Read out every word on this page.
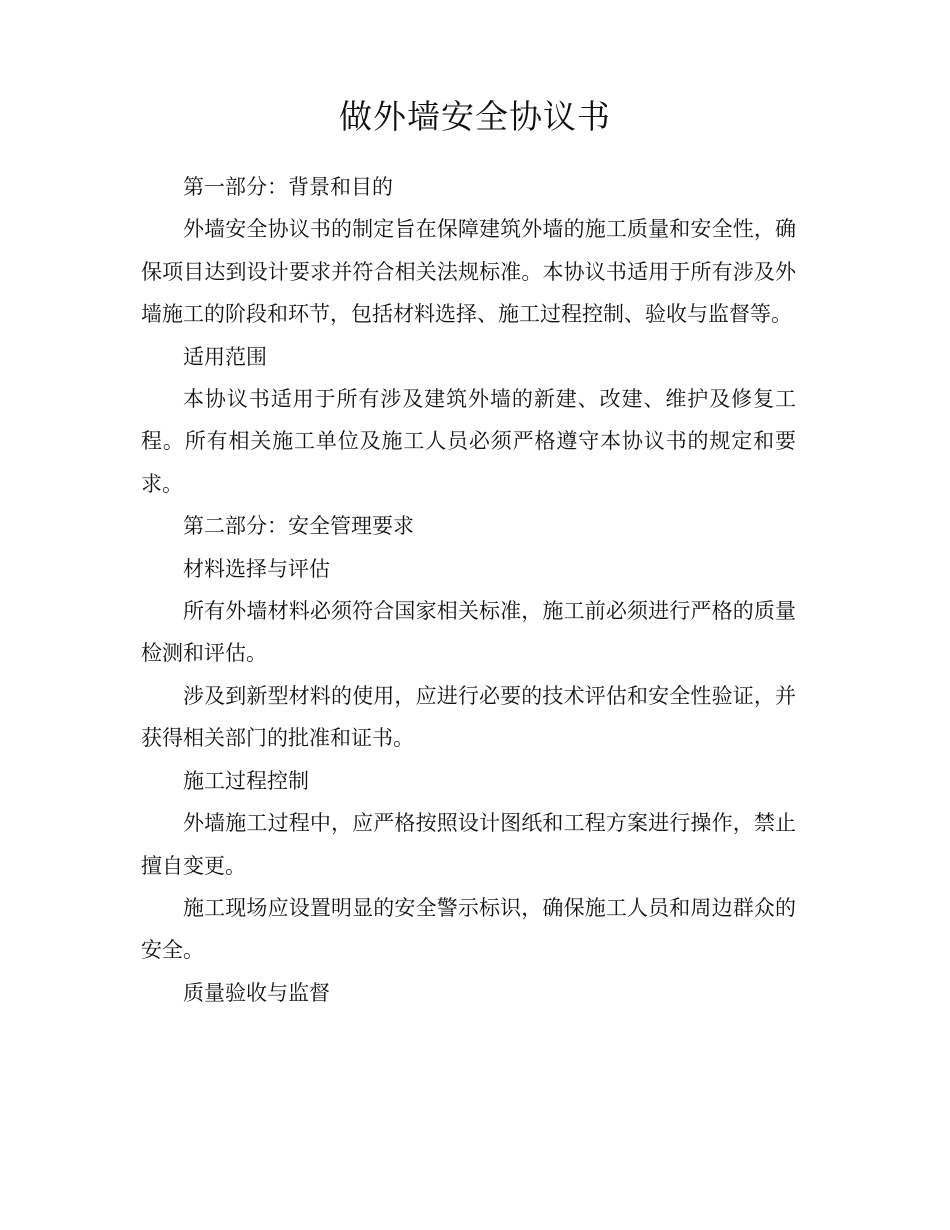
做外墙安全协议书

第一部分：背景和目的

外墙安全协议书的制定旨在保障建筑外墙的施工质量和安全性，确保项目达到设计要求并符合相关法规标准。本协议书适用于所有涉及外墙施工的阶段和环节，包括材料选择、施工过程控制、验收与监督等。

适用范围

本协议书适用于所有涉及建筑外墙的新建、改建、维护及修复工程。所有相关施工单位及施工人员必须严格遵守本协议书的规定和要求。

第二部分：安全管理要求

材料选择与评估

所有外墙材料必须符合国家相关标准，施工前必须进行严格的质量检测和评估。

涉及到新型材料的使用，应进行必要的技术评估和安全性验证，并获得相关部门的批准和证书。

施工过程控制

外墙施工过程中，应严格按照设计图纸和工程方案进行操作，禁止擅自变更。

施工现场应设置明显的安全警示标识，确保施工人员和周边群众的安全。

质量验收与监督
